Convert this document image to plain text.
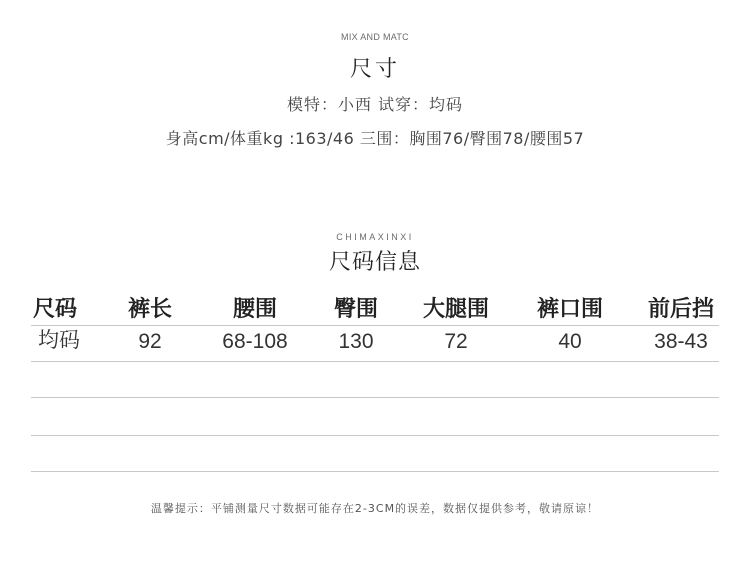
MIX AND MATC
尺寸
模特：小西 试穿：均码
身高cm/体重kg :163/46 三围：胸围76/臀围78/腰围57
CHIMAXINXI
尺码信息
尺码	裤长	腰围	臀围	大腿围	裤口围	前后挡
均码	92	68-108	130	72	40	38-43
温馨提示：平铺测量尺寸数据可能存在2-3CM的误差，数据仅提供参考，敬请原谅！
